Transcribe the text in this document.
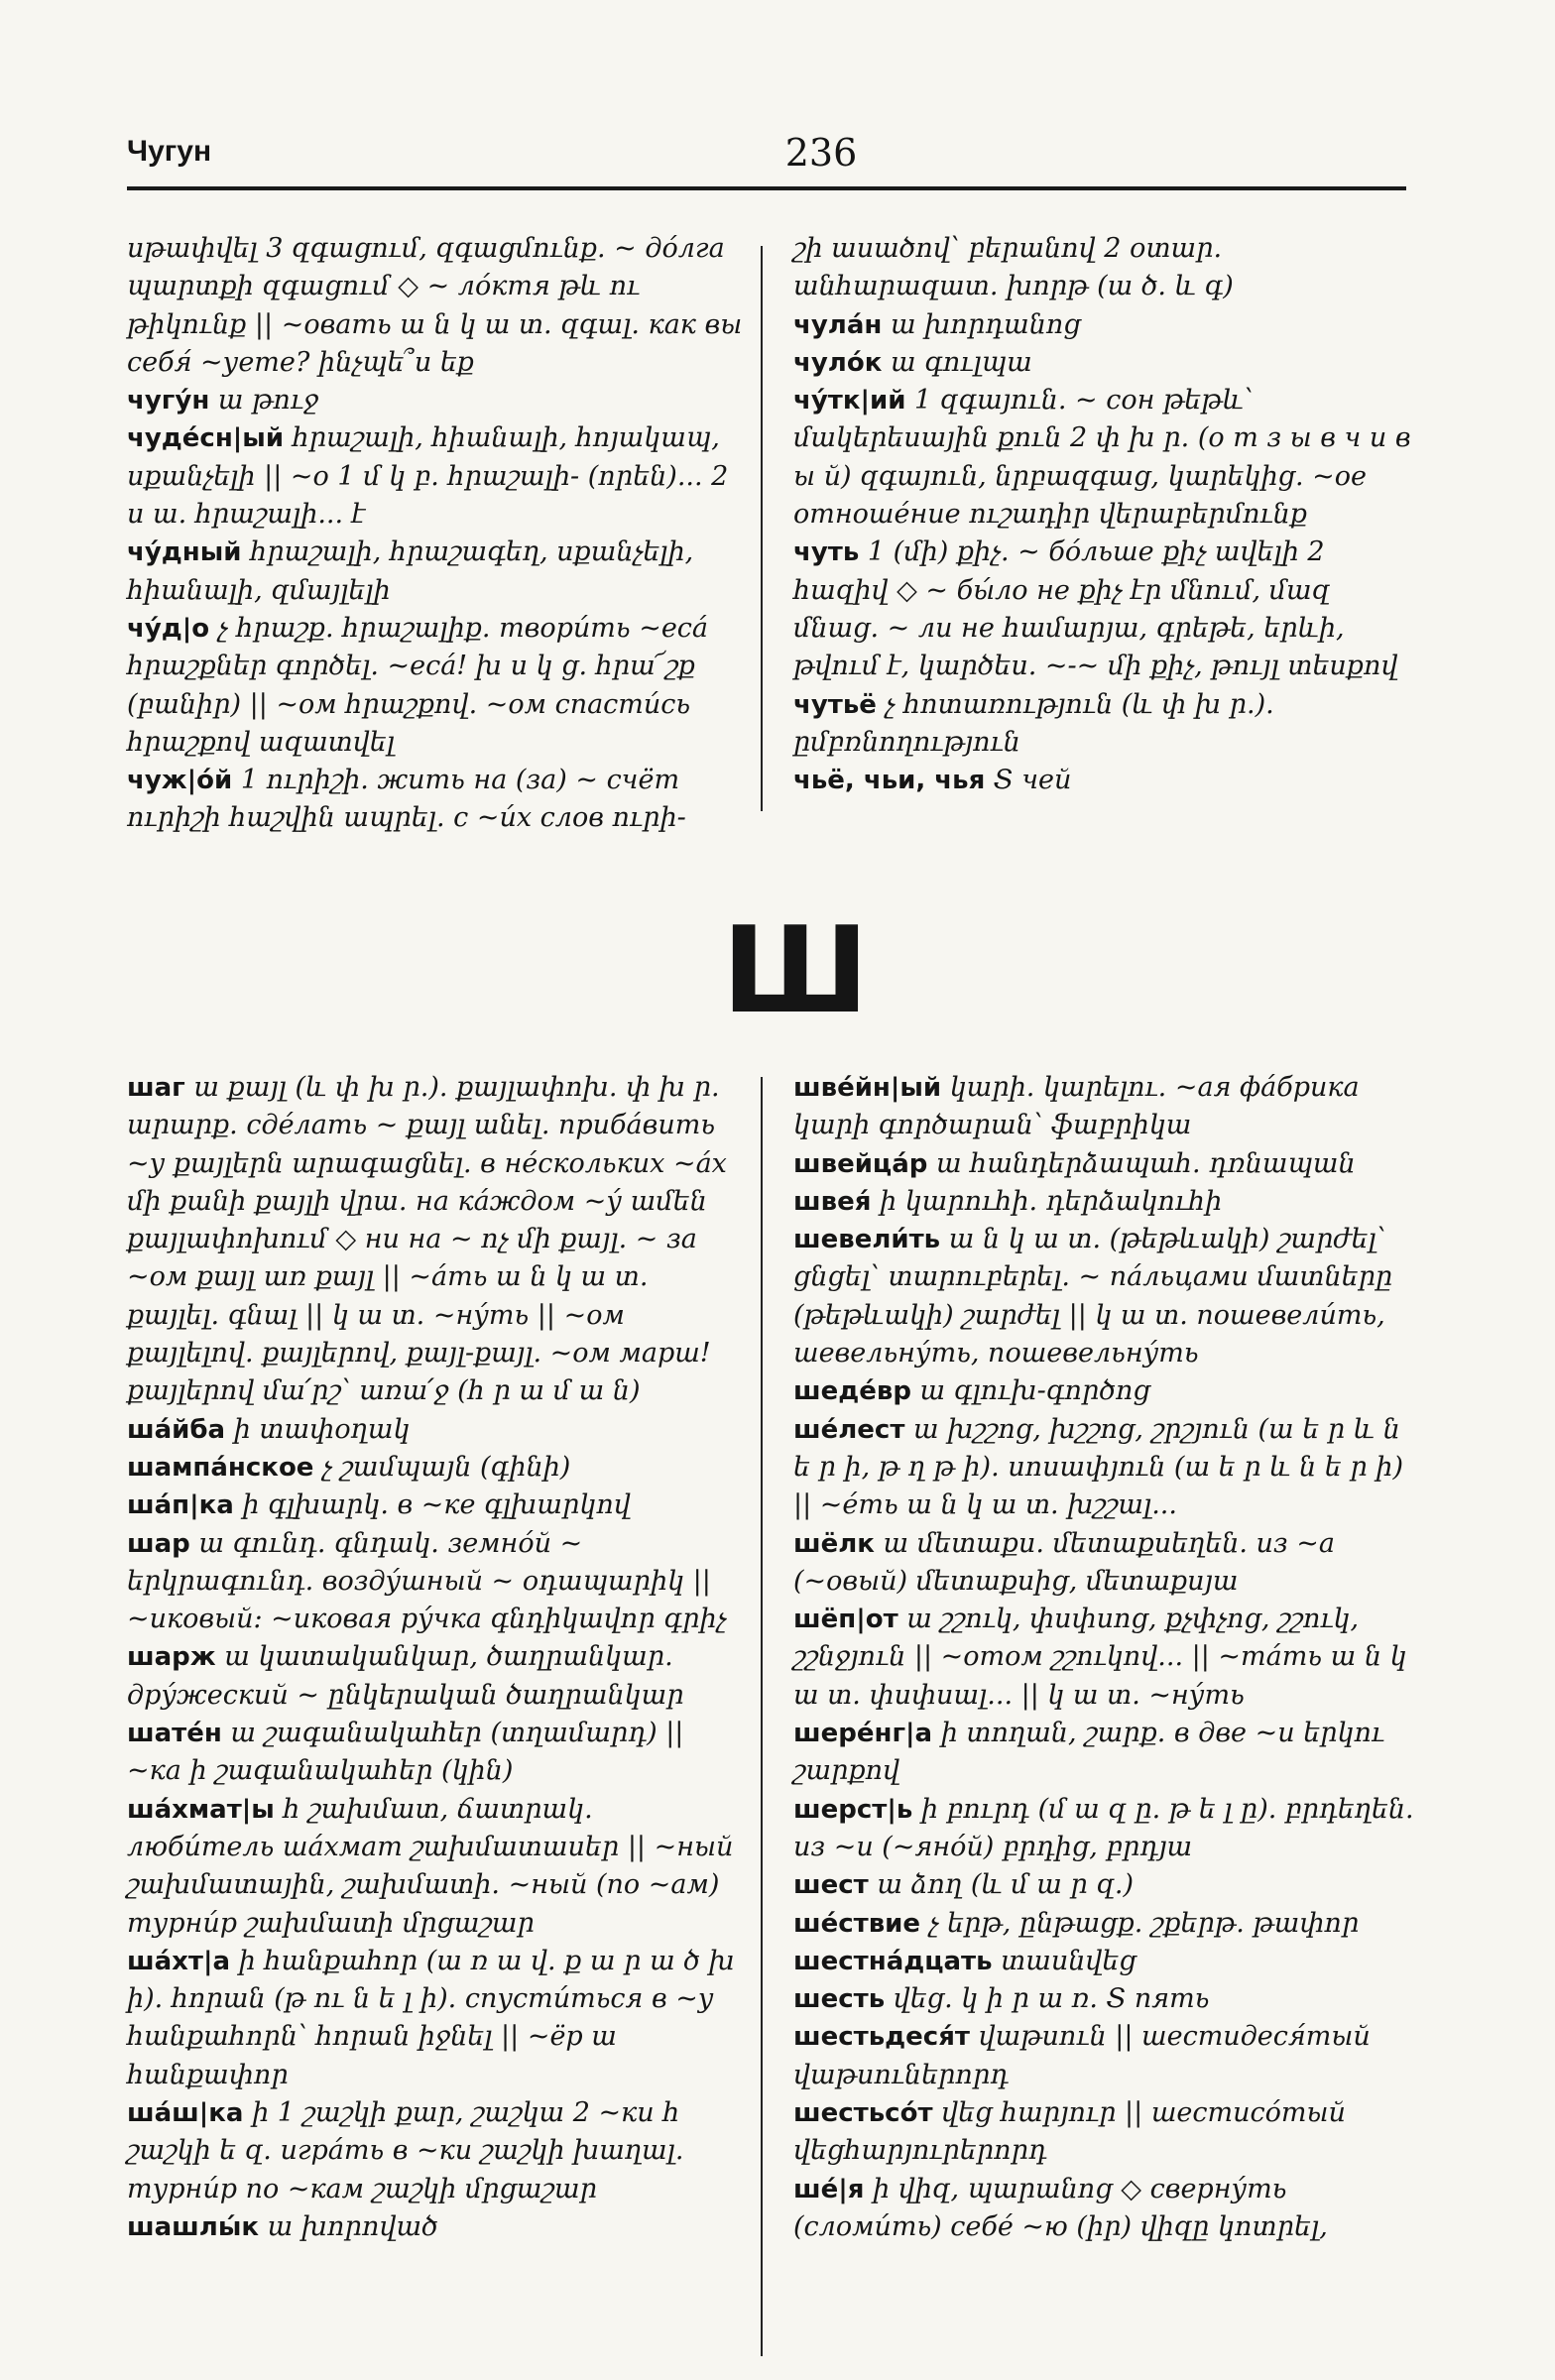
Чугун	236

սթափվել 3 զգացում, զգացմունք. ~ до́лга պարտքի զգացում ◇ ~ ло́ктя թև ու թիկունք || ~овать ա ն կ ա տ. զգալ. как вы себя́ ~уете? ինչպե՞ս եք

чугу́н ա թուջ

чуде́сн|ый հրաշալի, հիանալի, հոյակապ, սքանչելի || ~о 1 մ կ բ. հրաշալի- (որեն)... 2 ս ա. հրաշալի... է

чу́дный հրաշալի, հրաշագեղ, սքանչելի, հիանալի, զմայլելի

чу́д|о չ հրաշք. հրաշալիք. твори́ть ~еса́ հրաշքներ գործել. ~еса́! խ ս կ ց. հրա՜շք (բանիր) || ~ом հրաշքով. ~ом спасти́сь հրաշքով ազատվել

чуж|о́й 1 ուրիշի. жить на (за) ~ счёт ուրիշի հաշվին ապրել. с ~и́х слов ուրի-

շի ասածով՝ բերանով 2 օտար. անհարազատ. խորթ (ա ծ. և գ)

чула́н ա խորդանոց

чуло́к ա գուլպա

чу́тк|ий 1 զգայուն. ~ сон թեթև՝ մակերեսային քուն 2 փ խ ր. (о т з ы в ч и в ы й) զգայուն, նրբազգաց, կարեկից. ~ое отноше́ние ուշադիր վերաբերմունք

чуть 1 (մի) քիչ. ~ бо́льше քիչ ավելի 2 հազիվ ◇ ~ бы́ло не քիչ էր մնում, մազ մնաց. ~ ли не համարյա, գրեթե, երևի, թվում է, կարծես. ~-~ մի քիչ, թույլ տեսքով

чутьё չ հոտառություն (և փ խ ր.). ըմբռնողություն

чьё, чьи, чья Տ чей

Ш

шаг ա քայլ (և փ խ ր.). քայլափոխ. փ խ ր. արարք. сде́лать ~ քայլ անել. приба́вить ~у քայլերն արագացնել. в не́скольких ~а́х մի քանի քայլի վրա. на ка́ждом ~у́ ամեն քայլափոխում ◇ ни на ~ ոչ մի քայլ. ~ за ~ом քայլ առ քայլ || ~а́ть ա ն կ ա տ. քայլել. գնալ || կ ա տ. ~ну́ть || ~ом քայլելով. քայլերով, քայլ-քայլ. ~ом марш! քայլերով մա՛րշ՝ առա՛ջ (հ ր ա մ ա ն)

ша́йба ի տափօղակ

шампа́нское չ շամպայն (գինի)

ша́п|ка ի գլխարկ. в ~ке գլխարկով

шар ա գունդ. գնդակ. земно́й ~ երկրագունդ. возду́шный ~ օդապարիկ || ~иковый: ~иковая ру́чка գնդիկավոր գրիչ

шарж ա կատականկար, ծաղրանկար. дру́жеский ~ ընկերական ծաղրանկար

шате́н ա շագանակահեր (տղամարդ) || ~ка ի շագանակահեր (կին)

ша́хмат|ы հ շախմատ, ճատրակ. люби́тель ша́хмат շախմատասեր || ~ный շախմատային, շախմատի. ~ный (по ~ам) турни́р շախմատի մրցաշար

ша́хт|а ի հանքահոր (ա ռ ա վ. ք ա ր ա ծ խ ի). հորան (թ ու ն ե լ ի). спусти́ться в ~у հանքահորն՝ հորան իջնել || ~ёр ա հանքափոր

ша́ш|ка ի 1 շաշկի քար, շաշկա 2 ~ки հ շաշկի ե զ. игра́ть в ~ки շաշկի խաղալ. турни́р по ~кам շաշկի մրցաշար

шашлы́к ա խորոված

шве́йн|ый կարի. կարելու. ~ая фа́брика կարի գործարան՝ ֆաբրիկա

швейца́р ա հանդերձապահ. դռնապան

швея́ ի կարուհի. դերձակուհի

шевели́ть ա ն կ ա տ. (թեթևակի) շարժել՝ ցնցել՝ տարուբերել. ~ па́льцами մատները (թեթևակի) շարժել || կ ա տ. пошевели́ть, шевельну́ть, пошевельну́ть

шеде́вр ա գլուխ-գործոց

ше́лест ա խշշոց, խշշոց, շրշյուն (ա ե ր և ն ե ր ի, թ ղ թ ի). սոսափյուն (ա ե ր և ն ե ր ի) || ~е́ть ա ն կ ա տ. խշշալ...

шёлк ա մետաքս. մետաքսեղեն. из ~а (~овый) մետաքսից, մետաքսյա

шёп|от ա շշուկ, փսփսոց, քչփչոց, շշուկ, շշնջյուն || ~отом շշուկով... || ~та́ть ա ն կ ա տ. փսփսալ... || կ ա տ. ~ну́ть

шере́нг|а ի տողան, շարք. в две ~и երկու շարքով

шерст|ь ի բուրդ (մ ա զ ը. թ ե լ ը). բրդեղեն. из ~и (~яно́й) բրդից, բրդյա

шест ա ձող (և մ ա ր զ.)

ше́ствие չ երթ, ընթացք. շքերթ. թափոր

шестна́дцать տասնվեց

шесть վեց. կ ի ր ա ռ. Տ пять

шестьдеся́т վաթսուն || шестидеся́тый վաթսուներորդ

шестьсо́т վեց հարյուր || шестисо́тый վեցհարյուրերորդ

ше́|я ի վիզ, պարանոց ◇ сверну́ть (сломи́ть) себе́ ~ю (իր) վիզը կոտրել,
